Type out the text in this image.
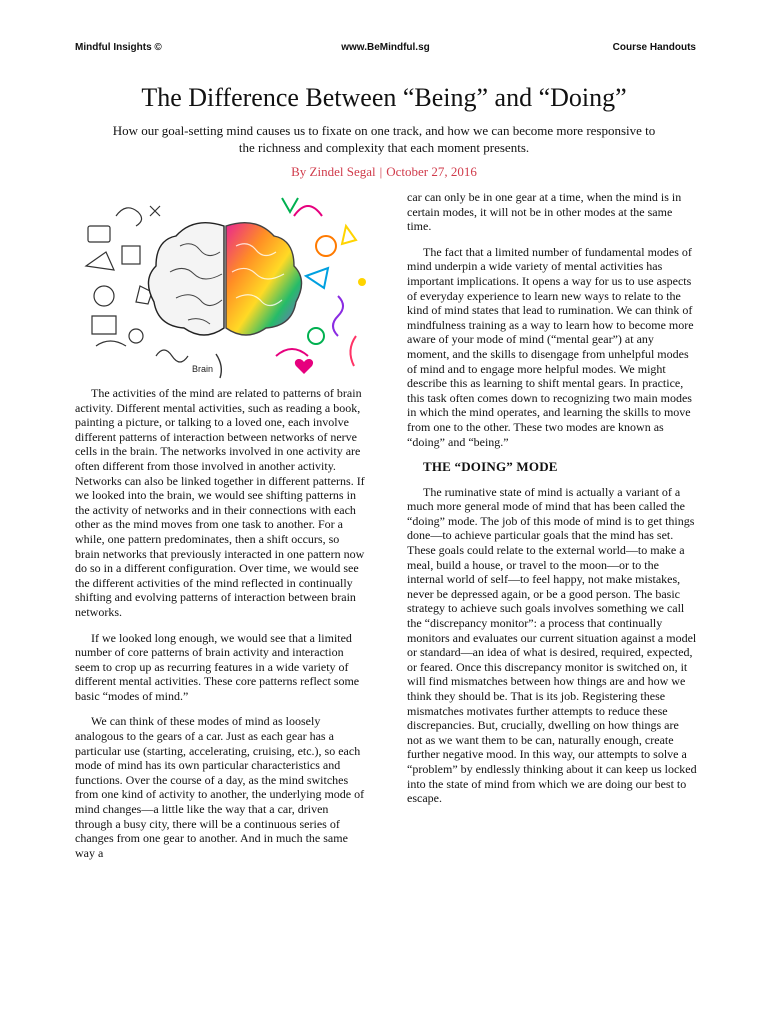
Mindful Insights ©	www.BeMindful.sg	Course Handouts
The Difference Between “Being” and “Doing”

How our goal-setting mind causes us to fixate on one track, and how we can become more responsive to the richness and complexity that each moment presents.

By Zindel Segal | October 27, 2016

Brain

The activities of the mind are related to patterns of brain activity. Different mental activities, such as reading a book, painting a picture, or talking to a loved one, each involve different patterns of interaction between networks of nerve cells in the brain. The networks involved in one activity are often different from those involved in another activity. Networks can also be linked together in different patterns. If we looked into the brain, we would see shifting patterns in the activity of networks and in their connections with each other as the mind moves from one task to another. For a while, one pattern predominates, then a shift occurs, so brain networks that previously interacted in one pattern now do so in a different configuration. Over time, we would see the different activities of the mind reflected in continually shifting and evolving patterns of interaction between brain networks.

If we looked long enough, we would see that a limited number of core patterns of brain activity and interaction seem to crop up as recurring features in a wide variety of different mental activities. These core patterns reflect some basic “modes of mind.”

We can think of these modes of mind as loosely analogous to the gears of a car. Just as each gear has a particular use (starting, accelerating, cruising, etc.), so each mode of mind has its own particular characteristics and functions. Over the course of a day, as the mind switches from one kind of activity to another, the underlying mode of mind changes—a little like the way that a car, driven through a busy city, there will be a continuous series of changes from one gear to another. And in much the same way a

car can only be in one gear at a time, when the mind is in certain modes, it will not be in other modes at the same time.

The fact that a limited number of fundamental modes of mind underpin a wide variety of mental activities has important implications. It opens a way for us to use aspects of everyday experience to learn new ways to relate to the kind of mind states that lead to rumination. We can think of mindfulness training as a way to learn how to become more aware of your mode of mind (“mental gear”) at any moment, and the skills to disengage from unhelpful modes of mind and to engage more helpful modes. We might describe this as learning to shift mental gears. In practice, this task often comes down to recognizing two main modes in which the mind operates, and learning the skills to move from one to the other. These two modes are known as “doing” and “being.”

THE “DOING” MODE

The ruminative state of mind is actually a variant of a much more general mode of mind that has been called the “doing” mode. The job of this mode of mind is to get things done—to achieve particular goals that the mind has set. These goals could relate to the external world—to make a meal, build a house, or travel to the moon—or to the internal world of self—to feel happy, not make mistakes, never be depressed again, or be a good person. The basic strategy to achieve such goals involves something we call the “discrepancy monitor”: a process that continually monitors and evaluates our current situation against a model or standard—an idea of what is desired, required, expected, or feared. Once this discrepancy monitor is switched on, it will find mismatches between how things are and how we think they should be. That is its job. Registering these mismatches motivates further attempts to reduce these discrepancies. But, crucially, dwelling on how things are not as we want them to be can, naturally enough, create further negative mood. In this way, our attempts to solve a “problem” by endlessly thinking about it can keep us locked into the state of mind from which we are doing our best to escape.
